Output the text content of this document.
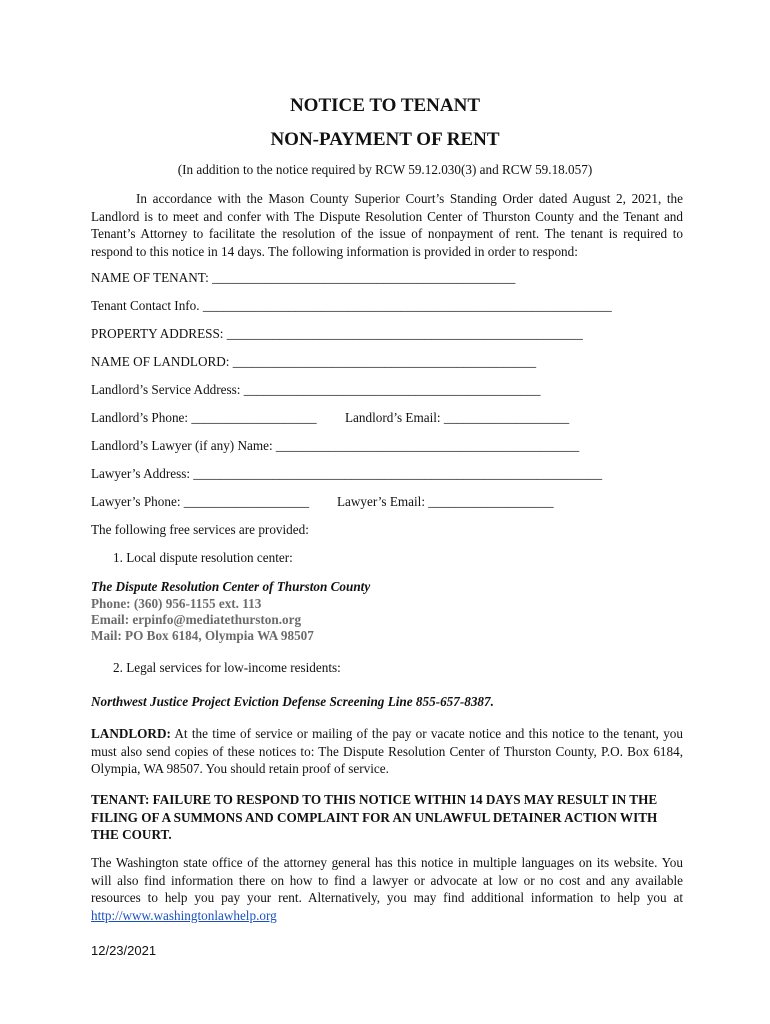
NOTICE TO TENANT
NON-PAYMENT OF RENT
(In addition to the notice required by RCW 59.12.030(3) and RCW 59.18.057)
In accordance with the Mason County Superior Court’s Standing Order dated August 2, 2021, the Landlord is to meet and confer with The Dispute Resolution Center of Thurston County and the Tenant and Tenant’s Attorney to facilitate the resolution of the issue of nonpayment of rent. The tenant is required to respond to this notice in 14 days. The following information is provided in order to respond:
NAME OF TENANT: ______________________________________________
Tenant Contact Info. ______________________________________________________________
PROPERTY ADDRESS: ______________________________________________________
NAME OF LANDLORD: ______________________________________________
Landlord’s Service Address: _____________________________________________
Landlord’s Phone: ___________________ Landlord’s Email: ___________________
Landlord’s Lawyer (if any) Name: ______________________________________________
Lawyer’s Address: ______________________________________________________________
Lawyer’s Phone: ___________________ Lawyer’s Email: ___________________
The following free services are provided:
1. Local dispute resolution center:
The Dispute Resolution Center of Thurston County
Phone: (360) 956-1155 ext. 113
Email: erpinfo@mediatethurston.org
Mail: PO Box 6184, Olympia WA 98507
2. Legal services for low-income residents:
Northwest Justice Project Eviction Defense Screening Line 855-657-8387.
LANDLORD: At the time of service or mailing of the pay or vacate notice and this notice to the tenant, you must also send copies of these notices to: The Dispute Resolution Center of Thurston County, P.O. Box 6184, Olympia, WA 98507. You should retain proof of service.
TENANT: FAILURE TO RESPOND TO THIS NOTICE WITHIN 14 DAYS MAY RESULT IN THE FILING OF A SUMMONS AND COMPLAINT FOR AN UNLAWFUL DETAINER ACTION WITH THE COURT.
The Washington state office of the attorney general has this notice in multiple languages on its website. You will also find information there on how to find a lawyer or advocate at low or no cost and any available resources to help you pay your rent. Alternatively, you may find additional information to help you at http://www.washingtonlawhelp.org
12/23/2021
